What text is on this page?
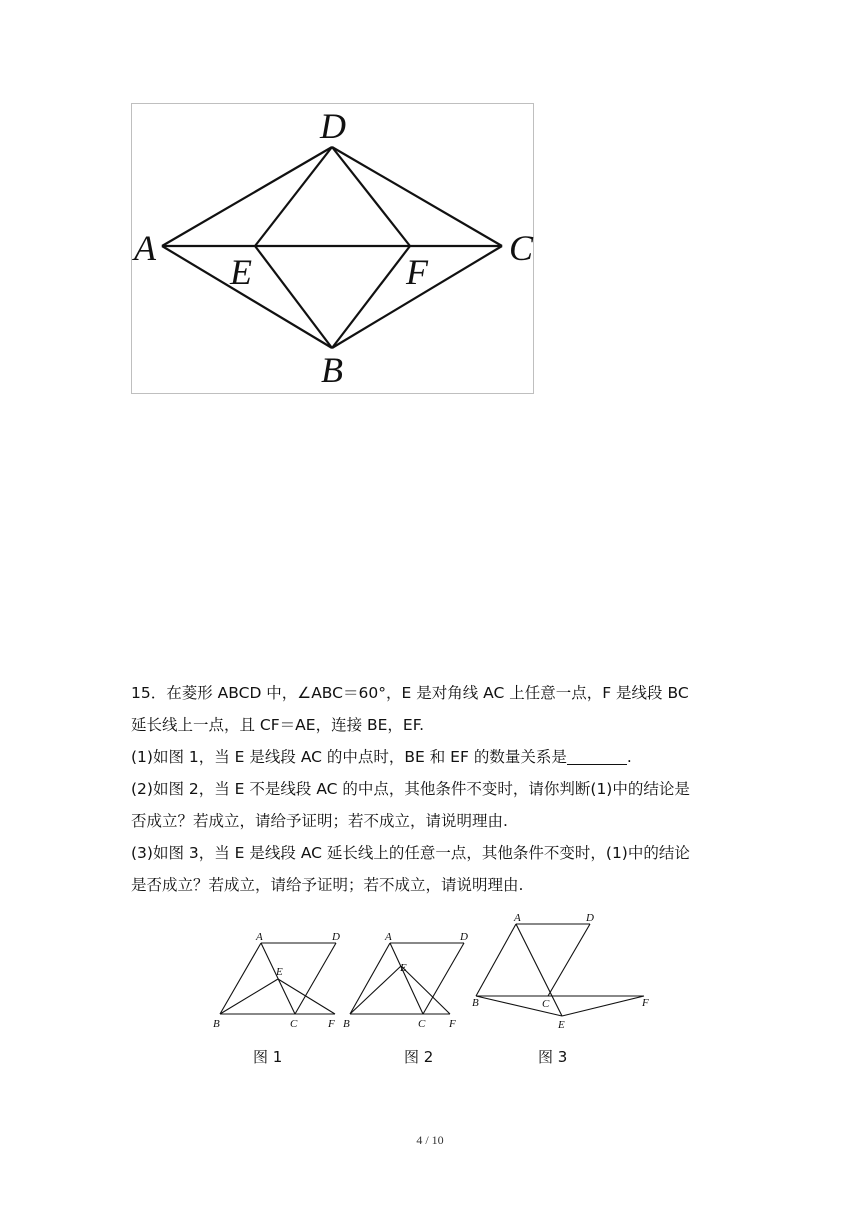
D
A	C
E	F
B

15．在菱形 ABCD 中，∠ABC＝60°，E 是对角线 AC 上任意一点，F 是线段 BC

延长线上一点，且 CF＝AE，连接 BE，EF.

(1)如图 1，当 E 是线段 AC 的中点时，BE 和 EF 的数量关系是	.

(2)如图 2，当 E 不是线段 AC 的中点，其他条件不变时，请你判断(1)中的结论是

否成立？若成立，请给予证明；若不成立，请说明理由.

(3)如图 3，当 E 是线段 AC 延长线上的任意一点，其他条件不变时，(1)中的结论

是否成立？若成立，请给予证明；若不成立，请说明理由.

A	D
E
B	C	F
A	D
E
B	C F
A	D
B	C
E
F
图 1	图 2	图 3
4 / 10
